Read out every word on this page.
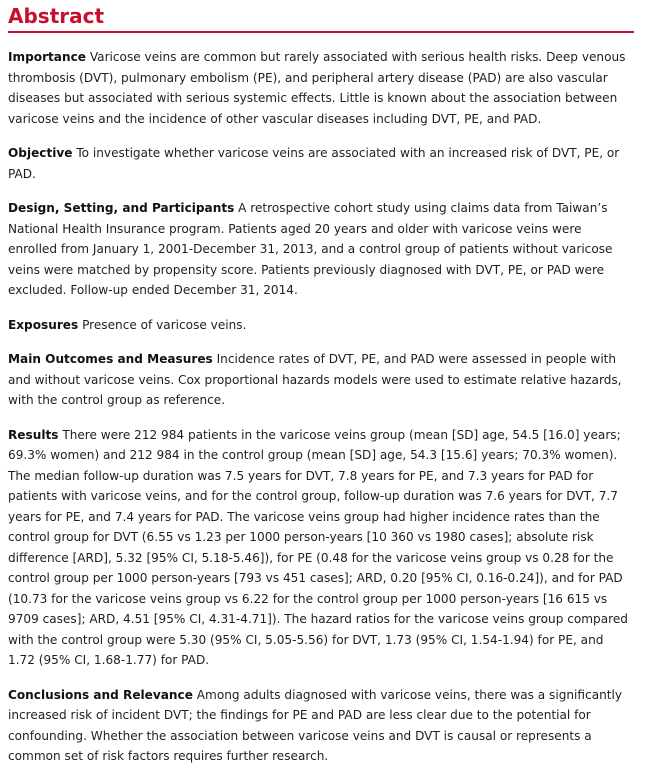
Abstract

Importance Varicose veins are common but rarely associated with serious health risks. Deep venous thrombosis (DVT), pulmonary embolism (PE), and peripheral artery disease (PAD) are also vascular diseases but associated with serious systemic effects. Little is known about the association between varicose veins and the incidence of other vascular diseases including DVT, PE, and PAD.

Objective To investigate whether varicose veins are associated with an increased risk of DVT, PE, or PAD.

Design, Setting, and Participants A retrospective cohort study using claims data from Taiwan’s National Health Insurance program. Patients aged 20 years and older with varicose veins were enrolled from January 1, 2001-December 31, 2013, and a control group of patients without varicose veins were matched by propensity score. Patients previously diagnosed with DVT, PE, or PAD were excluded. Follow-up ended December 31, 2014.

Exposures Presence of varicose veins.

Main Outcomes and Measures Incidence rates of DVT, PE, and PAD were assessed in people with and without varicose veins. Cox proportional hazards models were used to estimate relative hazards, with the control group as reference.

Results There were 212 984 patients in the varicose veins group (mean [SD] age, 54.5 [16.0] years; 69.3% women) and 212 984 in the control group (mean [SD] age, 54.3 [15.6] years; 70.3% women). The median follow-up duration was 7.5 years for DVT, 7.8 years for PE, and 7.3 years for PAD for patients with varicose veins, and for the control group, follow-up duration was 7.6 years for DVT, 7.7 years for PE, and 7.4 years for PAD. The varicose veins group had higher incidence rates than the control group for DVT (6.55 vs 1.23 per 1000 person-years [10 360 vs 1980 cases]; absolute risk difference [ARD], 5.32 [95% CI, 5.18-5.46]), for PE (0.48 for the varicose veins group vs 0.28 for the control group per 1000 person-years [793 vs 451 cases]; ARD, 0.20 [95% CI, 0.16-0.24]), and for PAD (10.73 for the varicose veins group vs 6.22 for the control group per 1000 person-years [16 615 vs 9709 cases]; ARD, 4.51 [95% CI, 4.31-4.71]). The hazard ratios for the varicose veins group compared with the control group were 5.30 (95% CI, 5.05-5.56) for DVT, 1.73 (95% CI, 1.54-1.94) for PE, and 1.72 (95% CI, 1.68-1.77) for PAD.

Conclusions and Relevance Among adults diagnosed with varicose veins, there was a significantly increased risk of incident DVT; the findings for PE and PAD are less clear due to the potential for confounding. Whether the association between varicose veins and DVT is causal or represents a common set of risk factors requires further research.
